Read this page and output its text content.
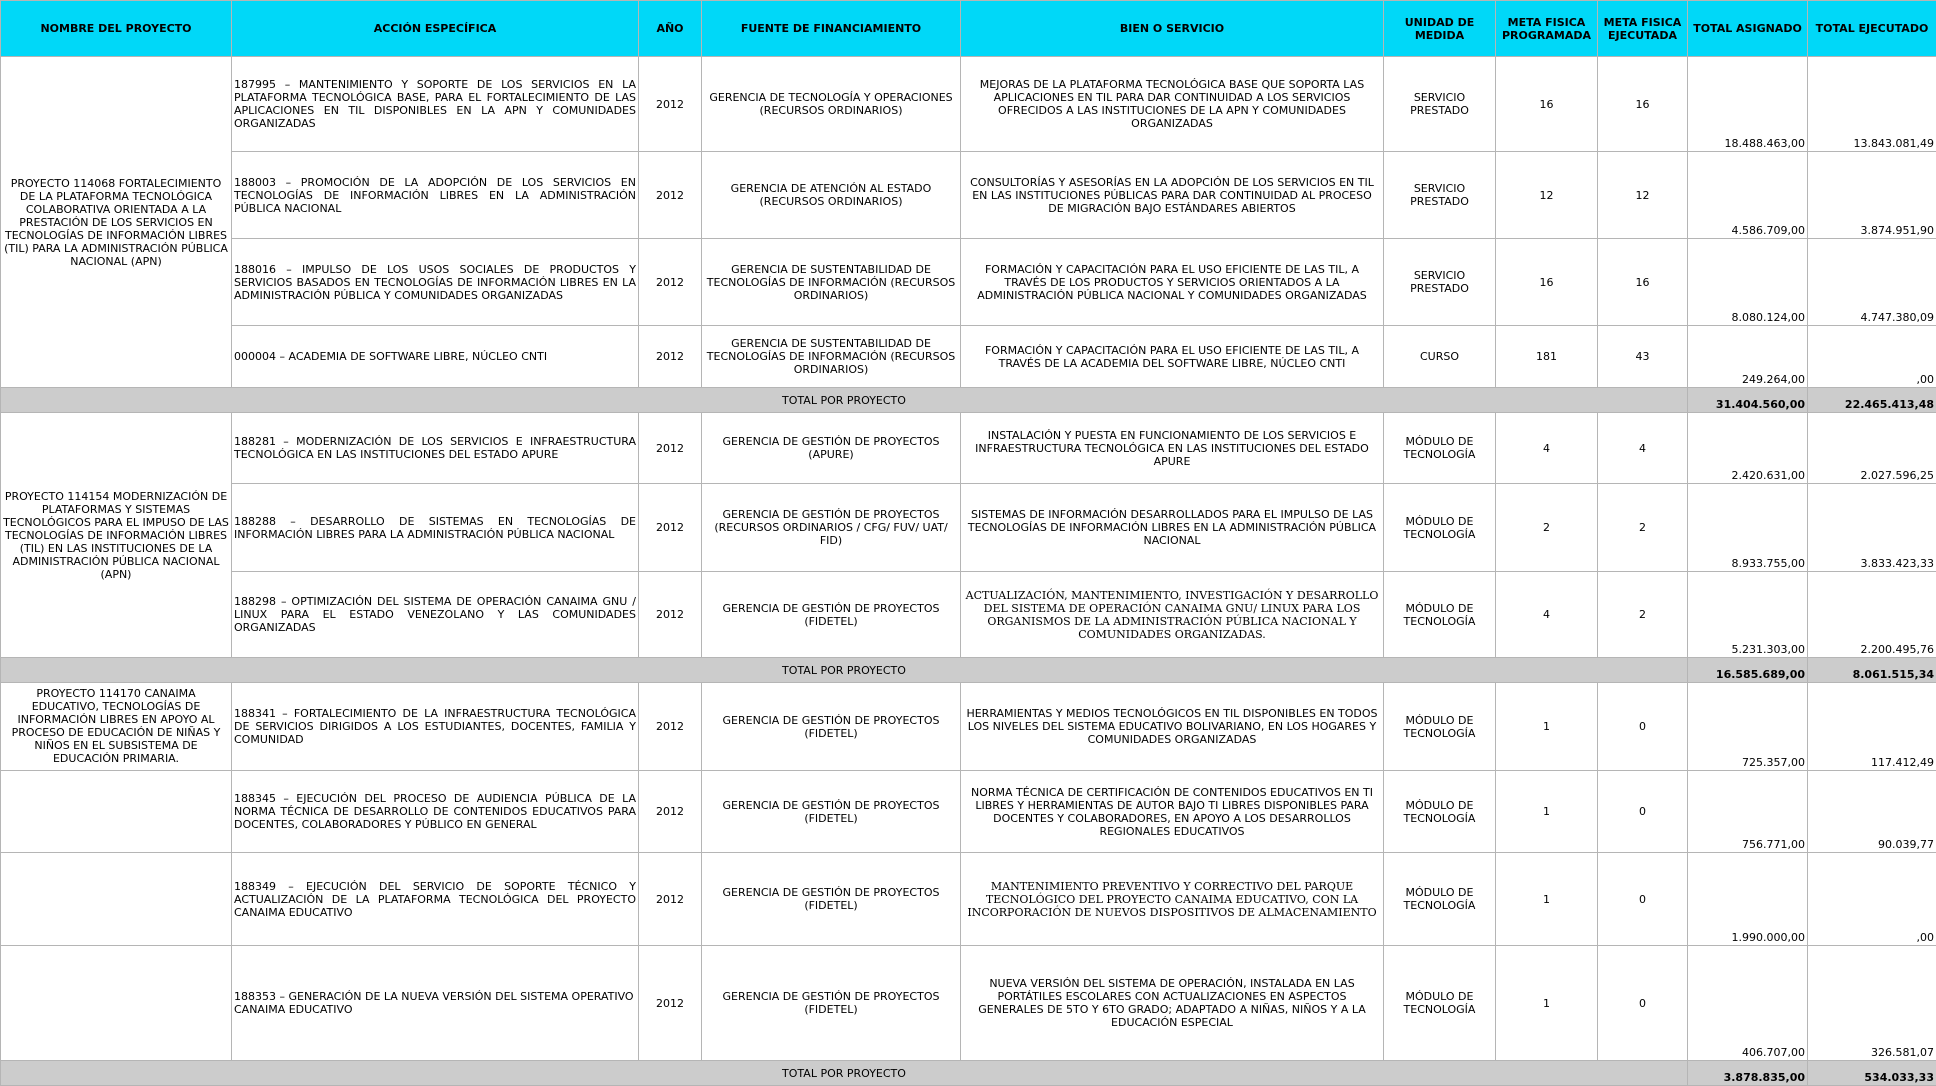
NOMBRE DEL PROYECTO	ACCIÓN ESPECÍFICA	AÑO	FUENTE DE FINANCIAMIENTO	BIEN O SERVICIO	UNIDAD DE MEDIDA	META FISICA PROGRAMADA	META FISICA EJECUTADA	TOTAL ASIGNADO	TOTAL EJECUTADO
PROYECTO 114068 FORTALECIMIENTO DE LA PLATAFORMA TECNOLÓGICA COLABORATIVA ORIENTADA A LA PRESTACIÓN DE LOS SERVICIOS EN TECNOLOGÍAS DE INFORMACIÓN LIBRES (TIL) PARA LA ADMINISTRACIÓN PÚBLICA NACIONAL (APN)	187995 – MANTENIMIENTO Y SOPORTE DE LOS SERVICIOS EN LA PLATAFORMA TECNOLÓGICA BASE, PARA EL FORTALECIMIENTO DE LAS APLICACIONES EN TIL DISPONIBLES EN LA APN Y COMUNIDADES ORGANIZADAS	2012	GERENCIA DE TECNOLOGÍA Y OPERACIONES (RECURSOS ORDINARIOS)	MEJORAS DE LA PLATAFORMA TECNOLÓGICA BASE QUE SOPORTA LAS APLICACIONES EN TIL PARA DAR CONTINUIDAD A LOS SERVICIOS OFRECIDOS A LAS INSTITUCIONES DE LA APN Y COMUNIDADES ORGANIZADAS	SERVICIO PRESTADO	16	16	18.488.463,00	13.843.081,49
	188003 – PROMOCIÓN DE LA ADOPCIÓN DE LOS SERVICIOS EN TECNOLOGÍAS DE INFORMACIÓN LIBRES EN LA ADMINISTRACIÓN PÚBLICA NACIONAL	2012	GERENCIA DE ATENCIÓN AL ESTADO (RECURSOS ORDINARIOS)	CONSULTORÍAS Y ASESORÍAS EN LA ADOPCIÓN DE LOS SERVICIOS EN TIL EN LAS INSTITUCIONES PÚBLICAS PARA DAR CONTINUIDAD AL PROCESO DE MIGRACIÓN BAJO ESTÁNDARES ABIERTOS	SERVICIO PRESTADO	12	12	4.586.709,00	3.874.951,90
	188016 – IMPULSO DE LOS USOS SOCIALES DE PRODUCTOS Y SERVICIOS BASADOS EN TECNOLOGÍAS DE INFORMACIÓN LIBRES EN LA ADMINISTRACIÓN PÚBLICA Y COMUNIDADES ORGANIZADAS	2012	GERENCIA DE SUSTENTABILIDAD DE TECNOLOGÍAS DE INFORMACIÓN (RECURSOS ORDINARIOS)	FORMACIÓN Y CAPACITACIÓN PARA EL USO EFICIENTE DE LAS TIL, A TRAVÉS DE LOS PRODUCTOS Y SERVICIOS ORIENTADOS A LA ADMINISTRACIÓN PÚBLICA NACIONAL Y COMUNIDADES ORGANIZADAS	SERVICIO PRESTADO	16	16	8.080.124,00	4.747.380,09
	000004 – ACADEMIA DE SOFTWARE LIBRE, NÚCLEO CNTI	2012	GERENCIA DE SUSTENTABILIDAD DE TECNOLOGÍAS DE INFORMACIÓN (RECURSOS ORDINARIOS)	FORMACIÓN Y CAPACITACIÓN PARA EL USO EFICIENTE DE LAS TIL, A TRAVÉS DE LA ACADEMIA DEL SOFTWARE LIBRE, NÚCLEO CNTI	CURSO	181	43	249.264,00	,00
TOTAL POR PROYECTO								31.404.560,00	22.465.413,48
PROYECTO 114154 MODERNIZACIÓN DE PLATAFORMAS Y SISTEMAS TECNOLÓGICOS PARA EL IMPUSO DE LAS TECNOLOGÍAS DE INFORMACIÓN LIBRES (TIL) EN LAS INSTITUCIONES DE LA ADMINISTRACIÓN PÚBLICA NACIONAL (APN)	188281 – MODERNIZACIÓN DE LOS SERVICIOS E INFRAESTRUCTURA TECNOLÓGICA EN LAS INSTITUCIONES DEL ESTADO APURE	2012	GERENCIA DE GESTIÓN DE PROYECTOS (APURE)	INSTALACIÓN Y PUESTA EN FUNCIONAMIENTO DE LOS SERVICIOS E INFRAESTRUCTURA TECNOLÓGICA EN LAS INSTITUCIONES DEL ESTADO APURE	MÓDULO DE TECNOLOGÍA	4	4	2.420.631,00	2.027.596,25
	188288 – DESARROLLO DE SISTEMAS EN TECNOLOGÍAS DE INFORMACIÓN LIBRES PARA LA ADMINISTRACIÓN PÚBLICA NACIONAL	2012	GERENCIA DE GESTIÓN DE PROYECTOS (RECURSOS ORDINARIOS / CFG/ FUV/ UAT/ FID)	SISTEMAS DE INFORMACIÓN DESARROLLADOS PARA EL IMPULSO DE LAS TECNOLOGÍAS DE INFORMACIÓN LIBRES EN LA ADMINISTRACIÓN PÚBLICA NACIONAL	MÓDULO DE TECNOLOGÍA	2	2	8.933.755,00	3.833.423,33
	188298 – OPTIMIZACIÓN DEL SISTEMA DE OPERACIÓN CANAIMA GNU / LINUX PARA EL ESTADO VENEZOLANO Y LAS COMUNIDADES ORGANIZADAS	2012	GERENCIA DE GESTIÓN DE PROYECTOS (FIDETEL)	ACTUALIZACIÓN, MANTENIMIENTO, INVESTIGACIÓN Y DESARROLLO DEL SISTEMA DE OPERACIÓN CANAIMA GNU/ LINUX PARA LOS ORGANISMOS DE LA ADMINISTRACIÓN PÚBLICA NACIONAL Y COMUNIDADES ORGANIZADAS.	MÓDULO DE TECNOLOGÍA	4	2	5.231.303,00	2.200.495,76
TOTAL POR PROYECTO								16.585.689,00	8.061.515,34
PROYECTO 114170 CANAIMA EDUCATIVO, TECNOLOGÍAS DE INFORMACIÓN LIBRES EN APOYO AL PROCESO DE EDUCACIÓN DE NIÑAS Y NIÑOS EN EL SUBSISTEMA DE EDUCACIÓN PRIMARIA.	188341 – FORTALECIMIENTO DE LA INFRAESTRUCTURA TECNOLÓGICA DE SERVICIOS DIRIGIDOS A LOS ESTUDIANTES, DOCENTES, FAMILIA Y COMUNIDAD	2012	GERENCIA DE GESTIÓN DE PROYECTOS (FIDETEL)	HERRAMIENTAS Y MEDIOS TECNOLÓGICOS EN TIL DISPONIBLES EN TODOS LOS NIVELES DEL SISTEMA EDUCATIVO BOLIVARIANO, EN LOS HOGARES Y COMUNIDADES ORGANIZADAS	MÓDULO DE TECNOLOGÍA	1	0	725.357,00	117.412,49
	188345 – EJECUCIÓN DEL PROCESO DE AUDIENCIA PÚBLICA DE LA NORMA TÉCNICA DE DESARROLLO DE CONTENIDOS EDUCATIVOS PARA DOCENTES, COLABORADORES Y PÚBLICO EN GENERAL	2012	GERENCIA DE GESTIÓN DE PROYECTOS (FIDETEL)	NORMA TÉCNICA DE CERTIFICACIÓN DE CONTENIDOS EDUCATIVOS EN TI LIBRES Y HERRAMIENTAS DE AUTOR BAJO TI LIBRES DISPONIBLES PARA DOCENTES Y COLABORADORES, EN APOYO A LOS DESARROLLOS REGIONALES EDUCATIVOS	MÓDULO DE TECNOLOGÍA	1	0	756.771,00	90.039,77
	188349 – EJECUCIÓN DEL SERVICIO DE SOPORTE TÉCNICO Y ACTUALIZACIÓN DE LA PLATAFORMA TECNOLÓGICA DEL PROYECTO CANAIMA EDUCATIVO	2012	GERENCIA DE GESTIÓN DE PROYECTOS (FIDETEL)	MANTENIMIENTO PREVENTIVO Y CORRECTIVO DEL PARQUE TECNOLÓGICO DEL PROYECTO CANAIMA EDUCATIVO, CON LA INCORPORACIÓN DE NUEVOS DISPOSITIVOS DE ALMACENAMIENTO	MÓDULO DE TECNOLOGÍA	1	0	1.990.000,00	,00
	188353 – GENERACIÓN DE LA NUEVA VERSIÓN DEL SISTEMA OPERATIVO CANAIMA EDUCATIVO	2012	GERENCIA DE GESTIÓN DE PROYECTOS (FIDETEL)	NUEVA VERSIÓN DEL SISTEMA DE OPERACIÓN, INSTALADA EN LAS PORTÁTILES ESCOLARES CON ACTUALIZACIONES EN ASPECTOS GENERALES DE 5TO Y 6TO GRADO; ADAPTADO A NIÑAS, NIÑOS Y A LA EDUCACIÓN ESPECIAL	MÓDULO DE TECNOLOGÍA	1	0	406.707,00	326.581,07
TOTAL POR PROYECTO								3.878.835,00	534.033,33
